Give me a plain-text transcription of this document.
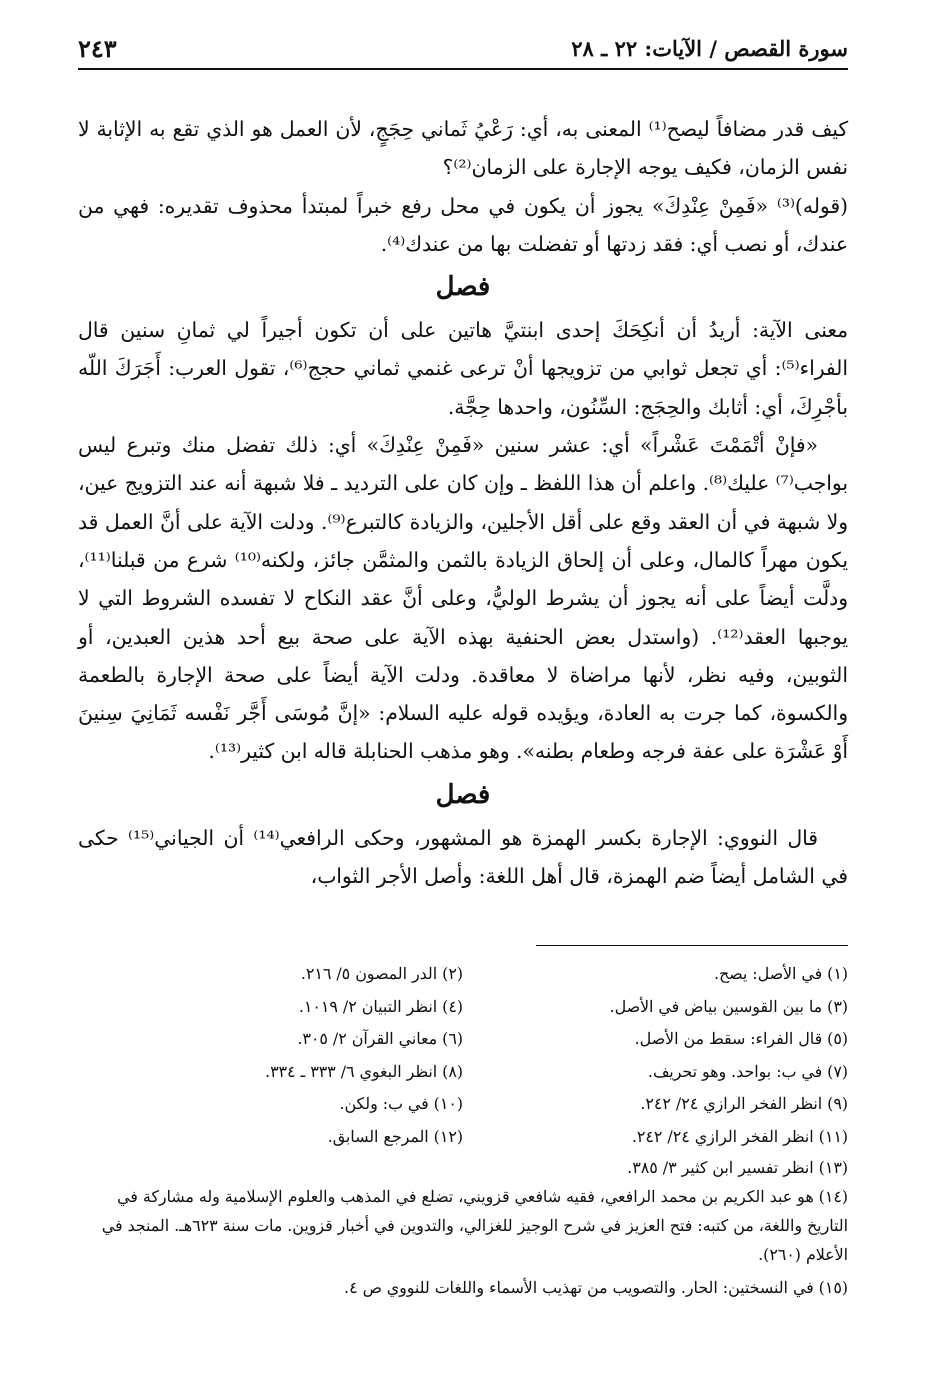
سورة القصص / الآيات: ٢٢ ـ ٢٨
٢٤٣

كيف قدر مضافاً ليصح⁽¹⁾ المعنى به، أي: رَعْيُ ثَماني حِجَجٍ، لأن العمل هو الذي تقع به الإثابة لا نفس الزمان، فكيف يوجه الإجارة على الزمان⁽²⁾؟

(قوله)⁽³⁾ «فَمِنْ عِنْدِكَ» يجوز أن يكون في محل رفع خبراً لمبتدأ محذوف تقديره: فهي من عندك، أو نصب أي: فقد زدتها أو تفضلت بها من عندك⁽⁴⁾.

فصل

معنى الآية: أريدُ أن أنكِحَكَ إحدى ابنتيَّ هاتين على أن تكون أجيراً لي ثمانِ سنين قال الفراء⁽⁵⁾: أي تجعل ثوابي من تزويجها أنْ ترعى غنمي ثماني حجج⁽⁶⁾، تقول العرب: أَجَرَكَ اللّه بأجْرِكَ، أي: أثابك والحِجَج: السِّنُون، واحدها حِجَّة.

«فإنْ أتْمَمْتَ عَشْراً» أي: عشر سنين «فَمِنْ عِنْدِكَ» أي: ذلك تفضل منك وتبرع ليس بواجب⁽⁷⁾ عليك⁽⁸⁾. واعلم أن هذا اللفظ ـ وإن كان على الترديد ـ فلا شبهة أنه عند التزويج عين، ولا شبهة في أن العقد وقع على أقل الأجلين، والزيادة كالتبرع⁽⁹⁾. ودلت الآية على أنَّ العمل قد يكون مهراً كالمال، وعلى أن إلحاق الزيادة بالثمن والمثمَّن جائز، ولكنه⁽¹⁰⁾ شرع من قبلنا⁽¹¹⁾، ودلَّت أيضاً على أنه يجوز أن يشرط الوليُّ، وعلى أنَّ عقد النكاح لا تفسده الشروط التي لا يوجبها العقد⁽¹²⁾. (واستدل بعض الحنفية بهذه الآية على صحة بيع أحد هذين العبدين، أو الثوبين، وفيه نظر، لأنها مراضاة لا معاقدة. ودلت الآية أيضاً على صحة الإجارة بالطعمة والكسوة، كما جرت به العادة، ويؤيده قوله عليه السلام: «إنَّ مُوسَى أَجَّر نَفْسه ثَمَانِيَ سِنينَ أَوْ عَشْرَة على عفة فرجه وطعام بطنه». وهو مذهب الحنابلة قاله ابن كثير⁽¹³⁾.

فصل

قال النووي: الإجارة بكسر الهمزة هو المشهور، وحكى الرافعي⁽¹⁴⁾ أن الجياني⁽¹⁵⁾ حكى في الشامل أيضاً ضم الهمزة، قال أهل اللغة: وأصل الأجر الثواب،

(١) في الأصل: يصح.
(٢) الدر المصون ٥/ ٢١٦.
(٣) ما بين القوسين بياض في الأصل.
(٤) انظر التبيان ٢/ ١٠١٩.
(٥) قال الفراء: سقط من الأصل.
(٦) معاني القرآن ٢/ ٣٠٥.
(٧) في ب: بواحد. وهو تحريف.
(٨) انظر البغوي ٦/ ٣٣٣ ـ ٣٣٤.
(٩) انظر الفخر الرازي ٢٤/ ٢٤٢.
(١٠) في ب: ولكن.
(١١) انظر الفخر الرازي ٢٤/ ٢٤٢.
(١٢) المرجع السابق.
(١٣) انظر تفسير ابن كثير ٣/ ٣٨٥.
(١٤) هو عبد الكريم بن محمد الرافعي، فقيه شافعي قزويني، تضلع في المذهب والعلوم الإسلامية وله مشاركة في التاريخ واللغة، من كتبه: فتح العزيز في شرح الوجيز للغزالي، والتدوين في أخبار قزوين. مات سنة ٦٢٣هـ. المنجد في الأعلام (٢٦٠).
(١٥) في النسختين: الحار. والتصويب من تهذيب الأسماء واللغات للنووي ص ٤.
